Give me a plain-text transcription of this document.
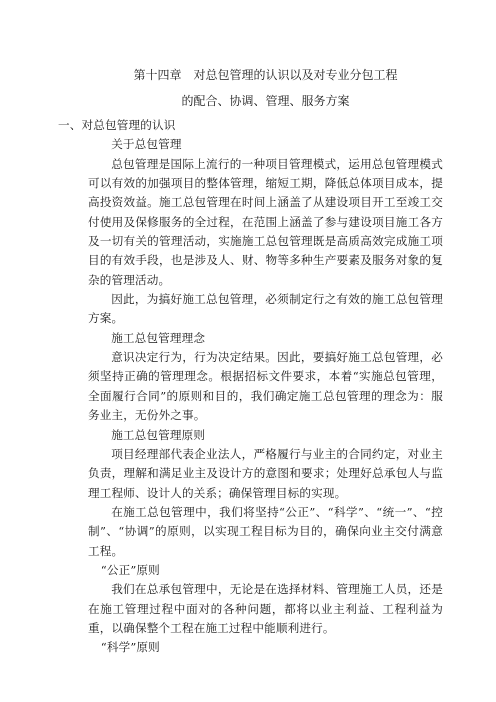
第十四章　对总包管理的认识以及对专业分包工程

的配合、协调、管理、服务方案

一、对总包管理的认识

关于总包管理

总包管理是国际上流行的一种项目管理模式，运用总包管理模式可以有效的加强项目的整体管理，缩短工期，降低总体项目成本，提高投资效益。施工总包管理在时间上涵盖了从建设项目开工至竣工交付使用及保修服务的全过程，在范围上涵盖了参与建设项目施工各方及一切有关的管理活动，实施施工总包管理既是高质高效完成施工项目的有效手段，也是涉及人、财、物等多种生产要素及服务对象的复杂的管理活动。

因此，为搞好施工总包管理，必须制定行之有效的施工总包管理方案。

施工总包管理理念

意识决定行为，行为决定结果。因此，要搞好施工总包管理，必须坚持正确的管理理念。根据招标文件要求，本着“实施总包管理，全面履行合同”的原则和目的，我们确定施工总包管理的理念为：服务业主，无份外之事。

施工总包管理原则

项目经理部代表企业法人，严格履行与业主的合同约定，对业主负责，理解和满足业主及设计方的意图和要求；处理好总承包人与监理工程师、设计人的关系；确保管理目标的实现。

在施工总包管理中，我们将坚持“公正”、“科学”、“统一”、“控制”、“协调”的原则，以实现工程目标为目的，确保向业主交付满意工程。

“公正”原则

我们在总承包管理中，无论是在选择材料、管理施工人员，还是在施工管理过程中面对的各种问题，都将以业主利益、工程利益为重，以确保整个工程在施工过程中能顺利进行。

“科学”原则
